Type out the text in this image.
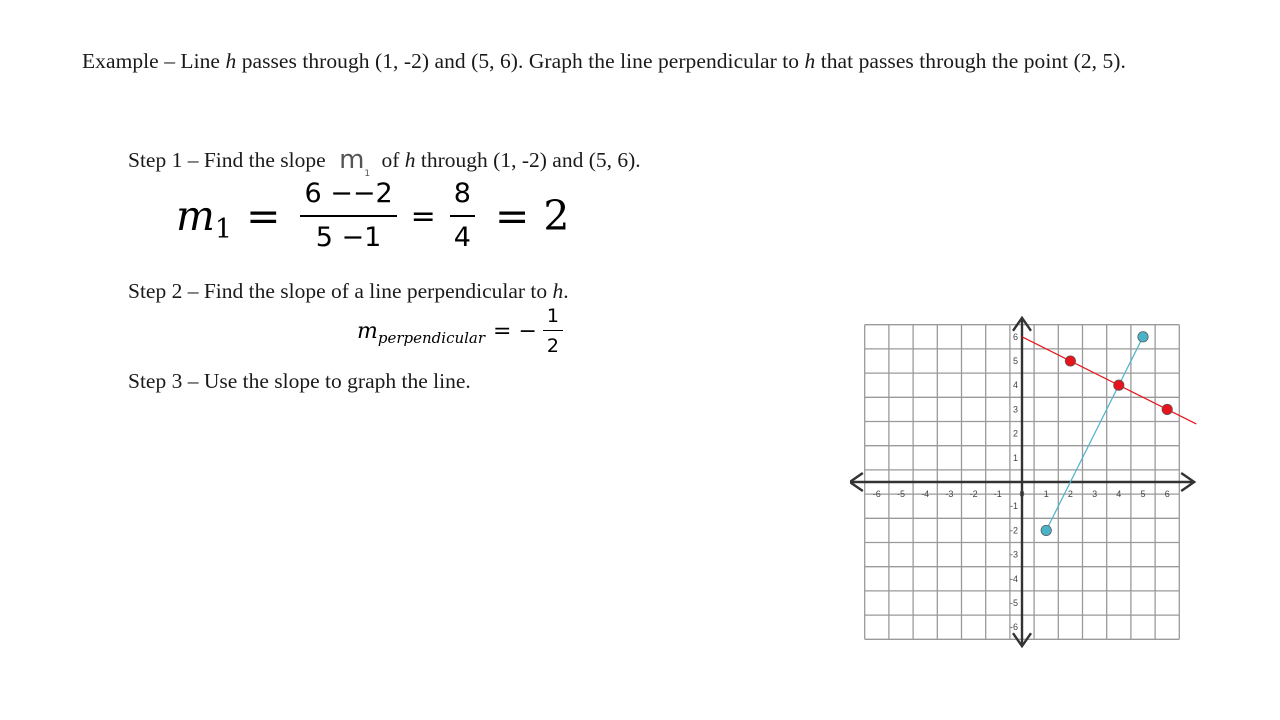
Example – Line h passes through (1, -2) and (5, 6). Graph the line perpendicular to h that passes through the point (2, 5).
Step 1 – Find the slope $m_1$ of h through (1, -2) and (5, 6).
m $1 = \frac{6 --2}{5 -1} = \frac{8}{4} = 2$
Step 2 – Find the slope of a line perpendicular to h.
m perpendicular = − $\frac{1}{2}$
Step 3 – Use the slope to graph the line.
-6 -5 -4 -3 -2 -1 0 1 2 3 4 5 6
-6
-5
-4
-3
-2
-1
1
2
3
4
5
6
